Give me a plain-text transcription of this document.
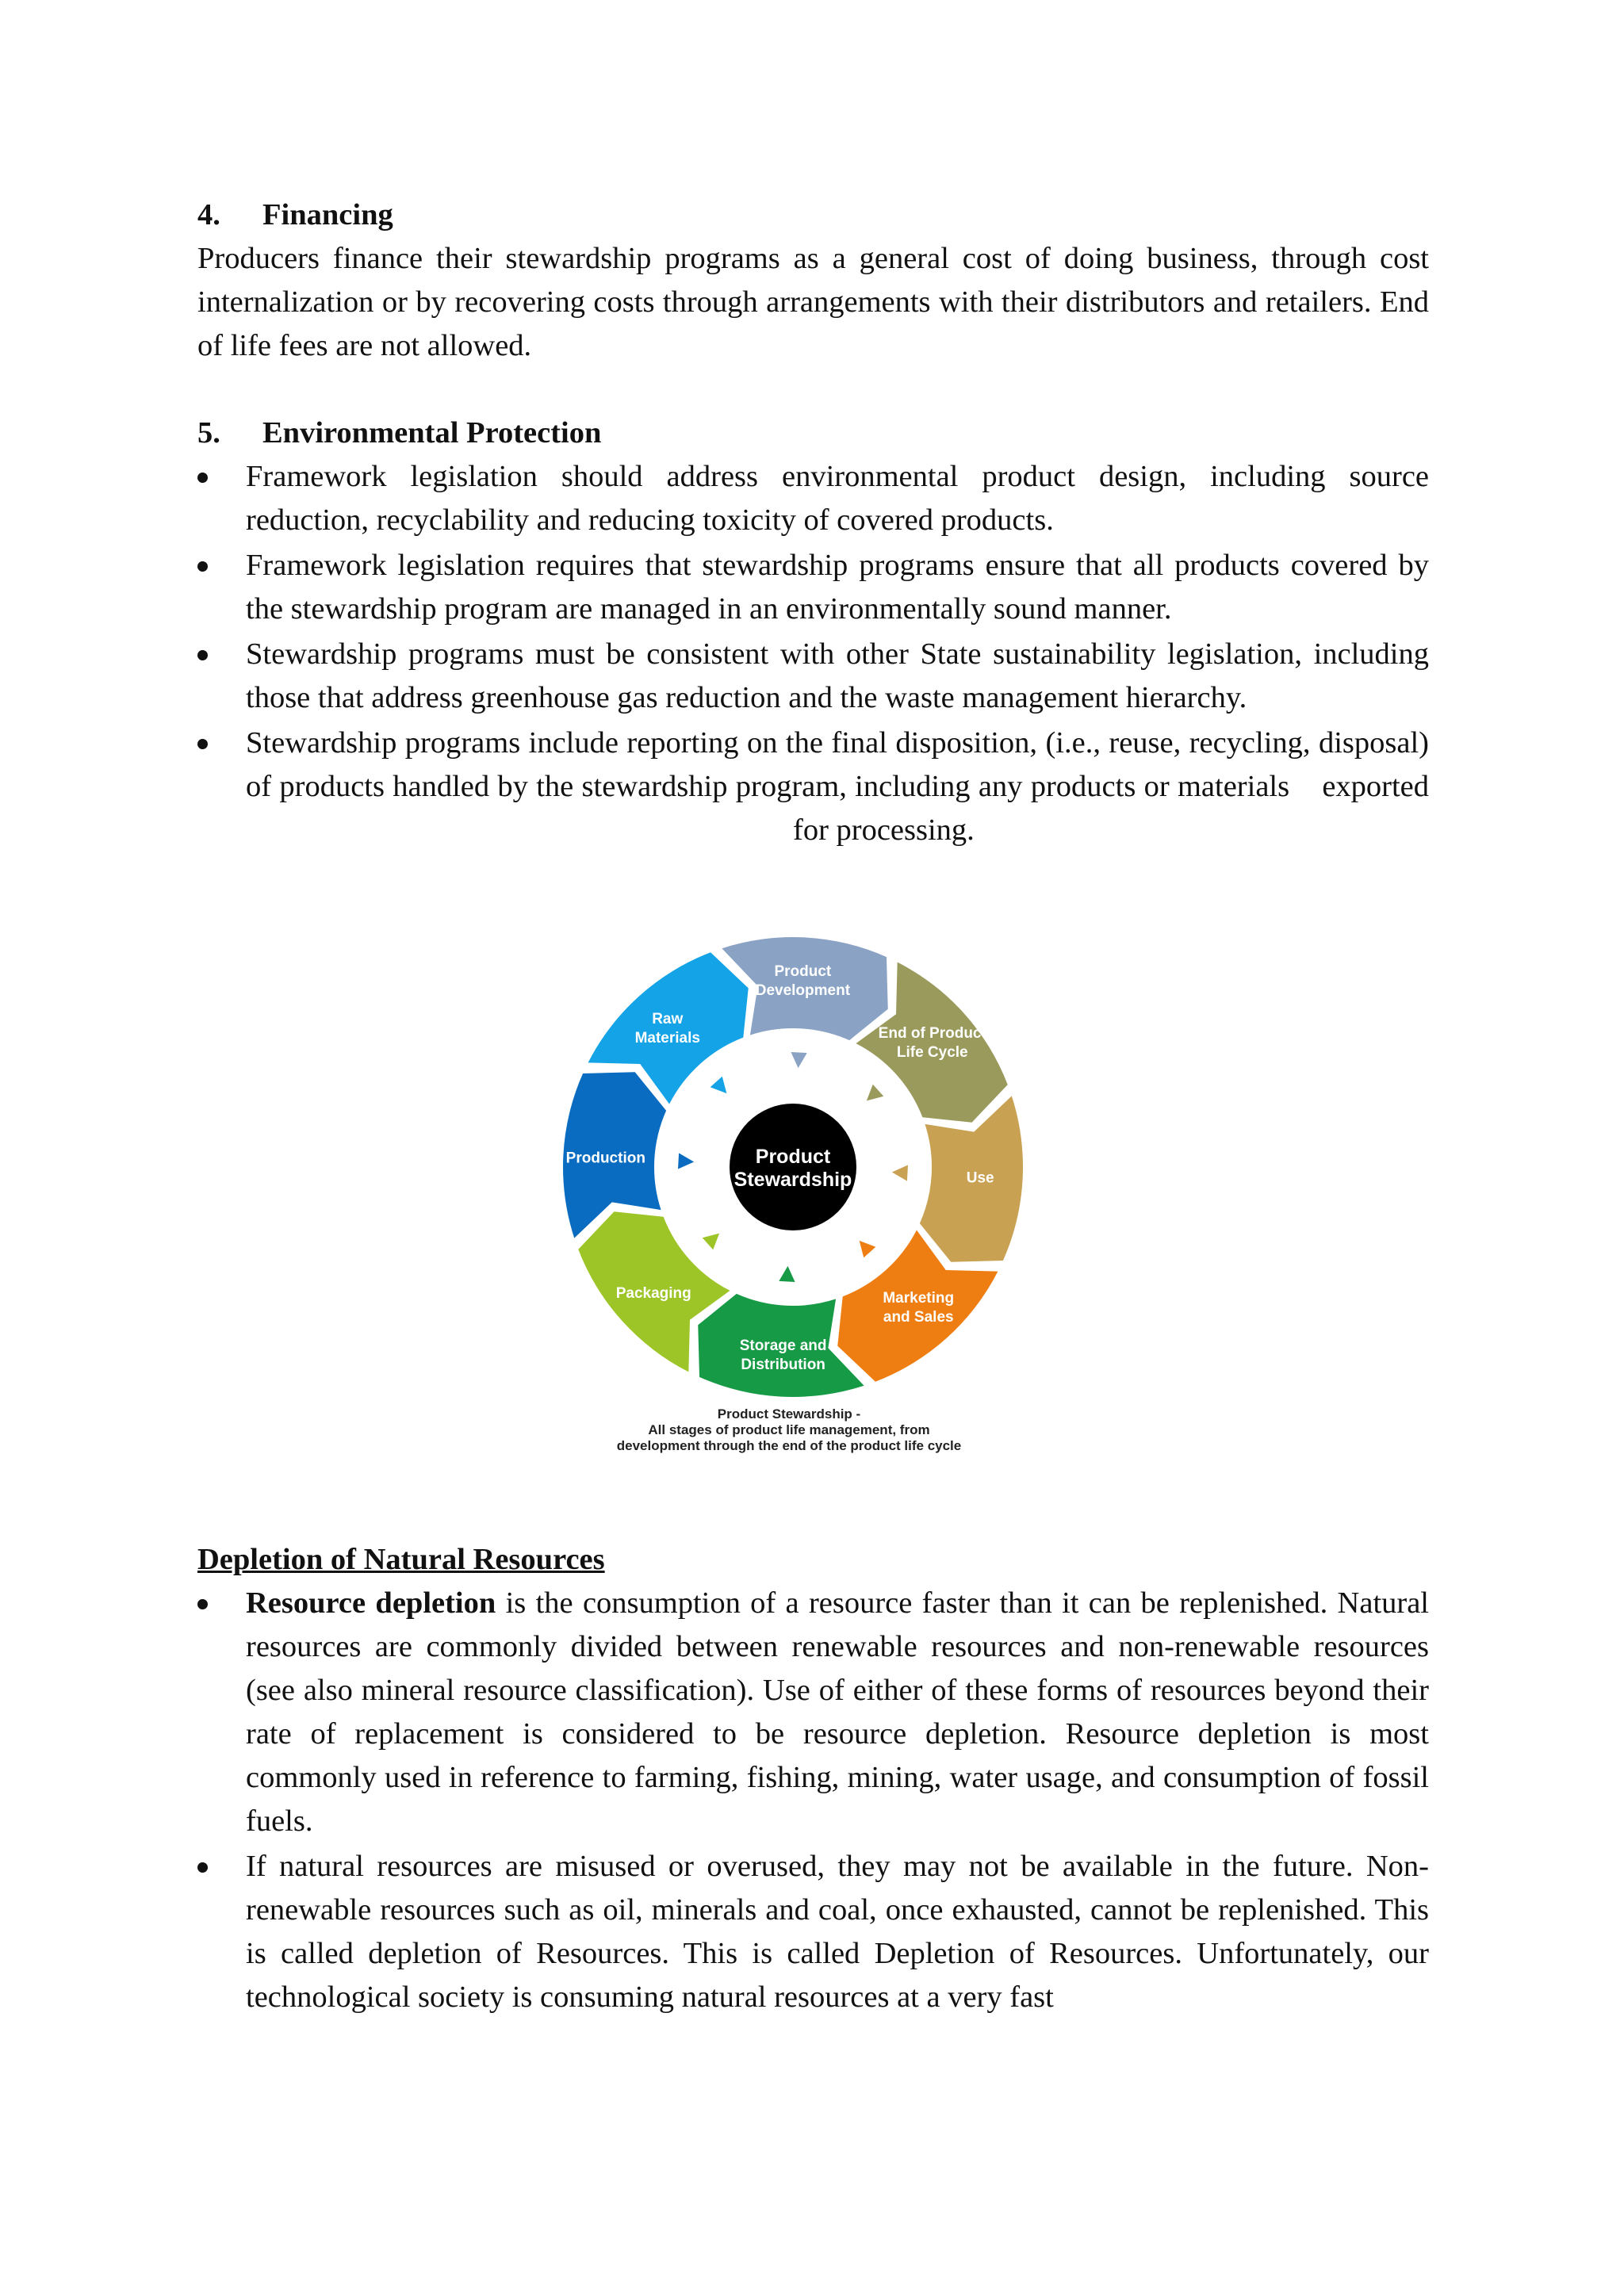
4.	Financing

Producers finance their stewardship programs as a general cost of doing business, through cost internalization or by recovering costs through arrangements with their distributors and retailers. End of life fees are not allowed.

5.	Environmental Protection
Framework legislation should address environmental product design, including source reduction, recyclability and reducing toxicity of covered products.
Framework legislation requires that stewardship programs ensure that all products covered by the stewardship program are managed in an environmentally sound manner.
Stewardship programs must be consistent with other State sustainability legislation, including those that address greenhouse gas reduction and the waste management hierarchy.
Stewardship programs include reporting on the final disposition, (i.e., reuse, recycling, disposal) of products handled by the stewardship program, including any products or materials exportedfor processing.
Product
Stewardship
Product
Development
End of Product
Life Cycle
Use
Marketing
and Sales
Storage and
Distribution
Packaging
Production
Raw
Materials
Product Stewardship -
All stages of product life management, from
development through the end of the product life cycle
Depletion of Natural Resources
Resource depletion is the consumption of a resource faster than it can be replenished. Natural resources are commonly divided between renewable resources and non-renewable resources (see also mineral resource classification). Use of either of these forms of resources beyond their rate of replacement is considered to be resource depletion. Resource depletion is most commonly used in reference to farming, fishing, mining, water usage, and consumption of fossil fuels.
If natural resources are misused or overused, they may not be available in the future. Non-renewable resources such as oil, minerals and coal, once exhausted, cannot be replenished. This is called depletion of Resources. This is called Depletion of Resources. Unfortunately, our technological society is consuming natural resources at a very fast
